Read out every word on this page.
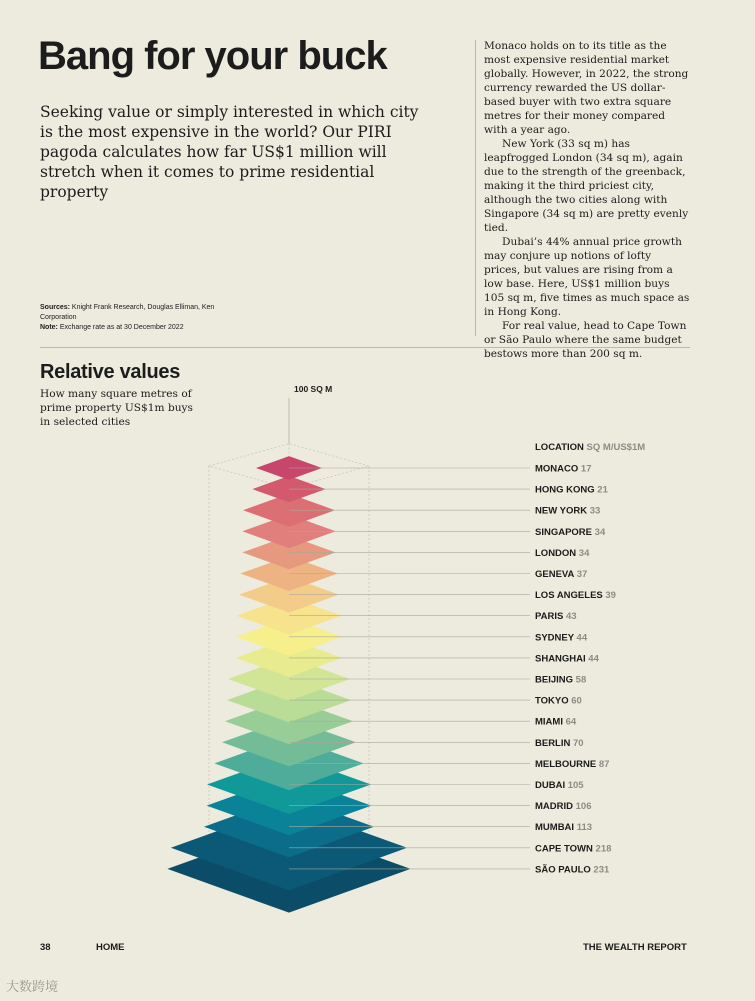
Bang for your buck

Seeking value or simply interested in which city is the most expensive in the world? Our PIRI pagoda calculates how far US$1 million will stretch when it comes to prime residential property

Sources: Knight Frank Research, Douglas Elliman, Ken Corporation
Note: Exchange rate as at 30 December 2022

Monaco holds on to its title as the most expensive residential market globally. However, in 2022, the strong currency rewarded the US dollar-based buyer with two extra square metres for their money compared with a year ago.

New York (33 sq m) has leapfrogged London (34 sq m), again due to the strength of the greenback, making it the third priciest city, although the two cities along with Singapore (34 sq m) are pretty evenly tied.

Dubai’s 44% annual price growth may conjure up notions of lofty prices, but values are rising from a low base. Here, US$1 million buys 105 sq m, five times as much space as in Hong Kong.

For real value, head to Cape Town or São Paulo where the same budget bestows more than 200 sq m.

Relative values

How many square metres of prime property US$1m buys in selected cities

100 SQ M
LOCATION SQ M/US$1M
SÃO PAULO 231
CAPE TOWN 218
MUMBAI 113
MADRID 106
DUBAI 105
MELBOURNE 87
BERLIN 70
MIAMI 64
TOKYO 60
BEIJING 58
SHANGHAI 44
SYDNEY 44
PARIS 43
LOS ANGELES 39
GENEVA 37
LONDON 34
SINGAPORE 34
NEW YORK 33
HONG KONG 21
MONACO 17
38	HOME	THE WEALTH REPORT
大数跨境
